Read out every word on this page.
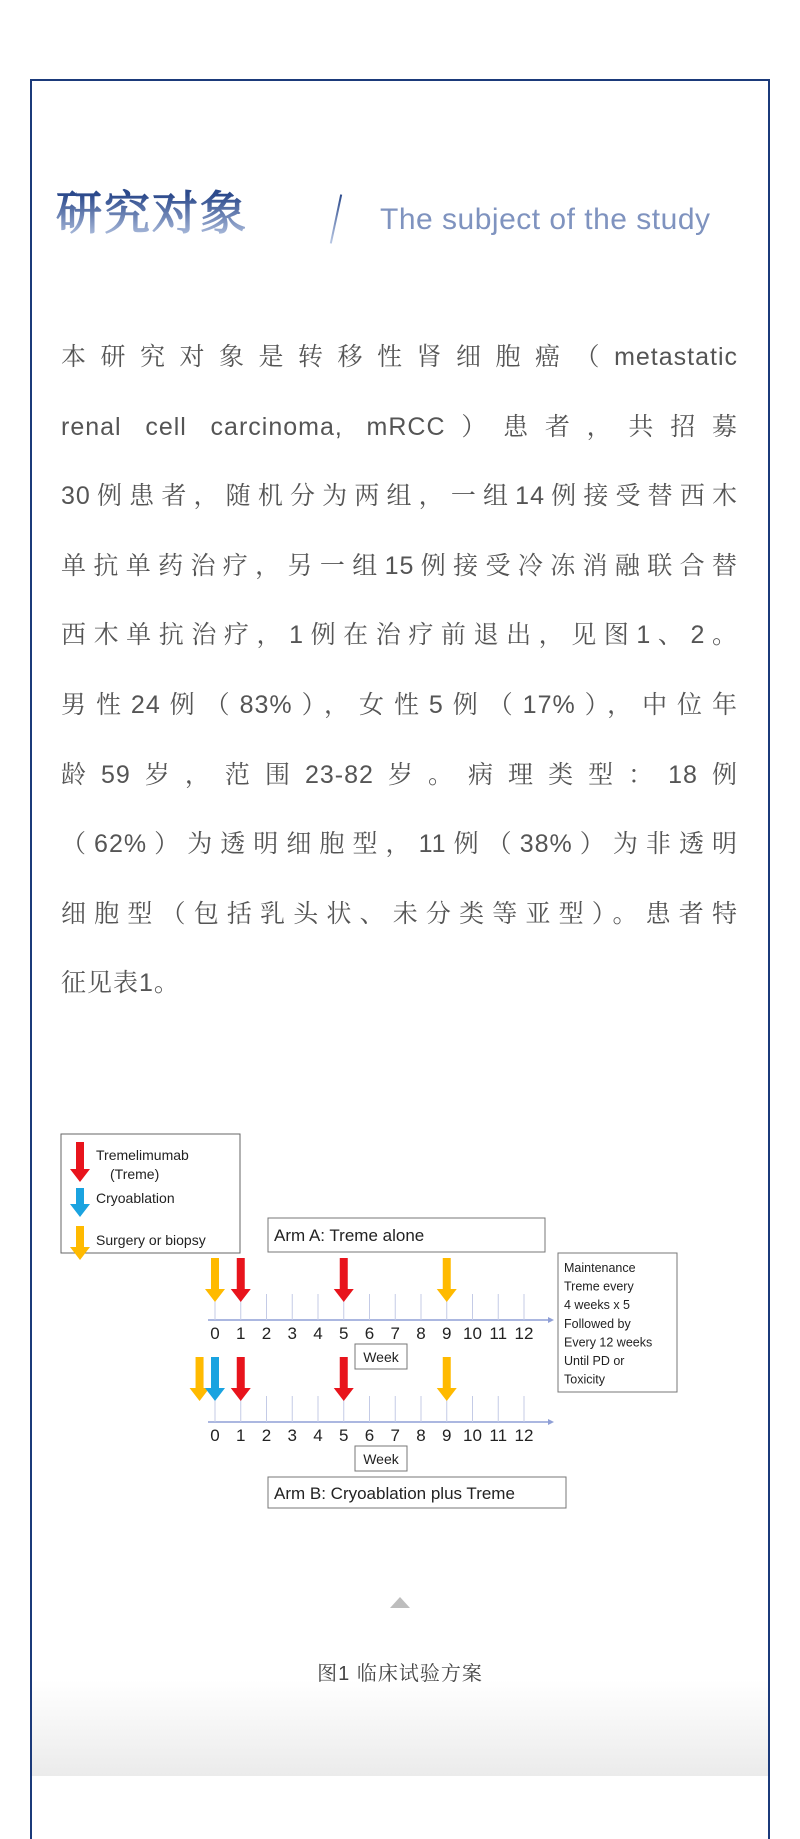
研究对象	The subject of the study
本研究对象是转移性肾细胞癌（metastatic
renal cell carcinoma, mRCC）患者，共招募
30例患者，随机分为两组，一组14例接受替西木
单抗单药治疗，另一组15例接受冷冻消融联合替
西木单抗治疗，1例在治疗前退出，见图1、2。
男性24例（83%），女性5例（17%），中位年
龄59岁，范围23-82岁。病理类型：18例
（62%）为透明细胞型，11例（38%）为非透明
细胞型（包括乳头状、未分类等亚型）。患者特
征见表1。
Tremelimumab
(Treme)
Cryoablation
Surgery or biopsy	Arm A: Treme alone
Arm B: Cryoablation plus Treme
Maintenance
Treme every
4 weeks x 5
Followed by
Every 12 weeks
Until PD or
Toxicity
Week
0 1 2 3 4 5 6 7 8 9 10 11 12
Week
0 1 2 3 4 5 6 7 8 9 10 11 12
图1 临床试验方案
